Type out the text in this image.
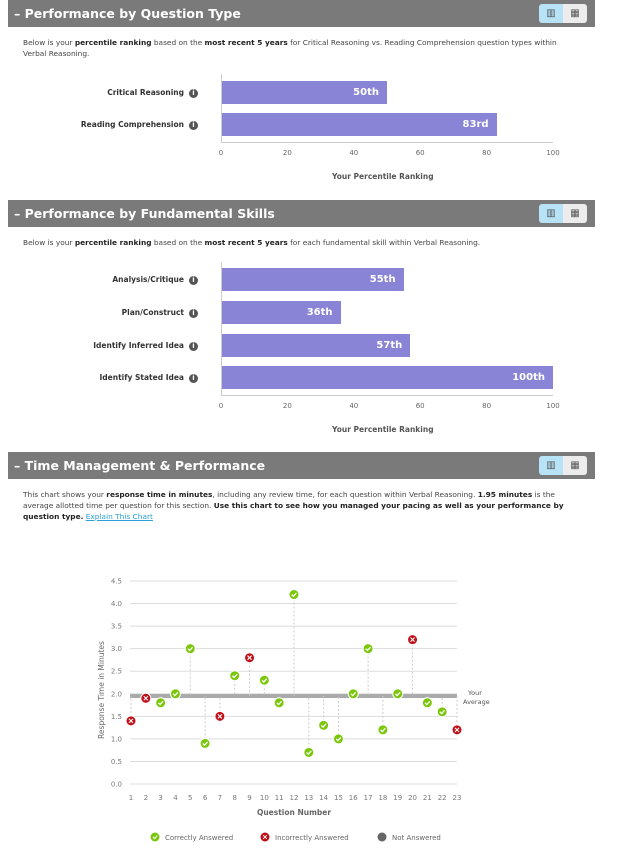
– Performance by Question Type	▥	▦
Below is your percentile ranking based on the most recent 5 years for Critical Reasoning vs. Reading Comprehension question types within Verbal Reasoning.
Critical Reasoning i	50th
Reading Comprehension i	83rd
0	20	40	60	80	100
Your Percentile Ranking
– Performance by Fundamental Skills	▥	▦
Below is your percentile ranking based on the most recent 5 years for each fundamental skill within Verbal Reasoning.
Analysis/Critique i	55th
Plan/Construct i	36th
Identify Inferred Idea i	57th
Identify Stated Idea i	100th
0	20	40	60	80	100
Your Percentile Ranking
– Time Management & Performance	▥	▦
This chart shows your response time in minutes, including any review time, for each question within Verbal Reasoning. 1.95 minutes is the average allotted time per question for this section. Use this chart to see how you managed your pacing as well as your performance by question type. Explain This Chart
0.0
0.5
1.0
1.5
2.0
2.5
3.0
3.5
4.0
4.5
Your Average
1 2 3 4 5 6 7 8 9 10 11 12 13 14 15 16 17 18 19 20 21 22 23
Question Number
Response Time in Minutes
Correctly Answered	Incorrectly Answered	Not Answered
